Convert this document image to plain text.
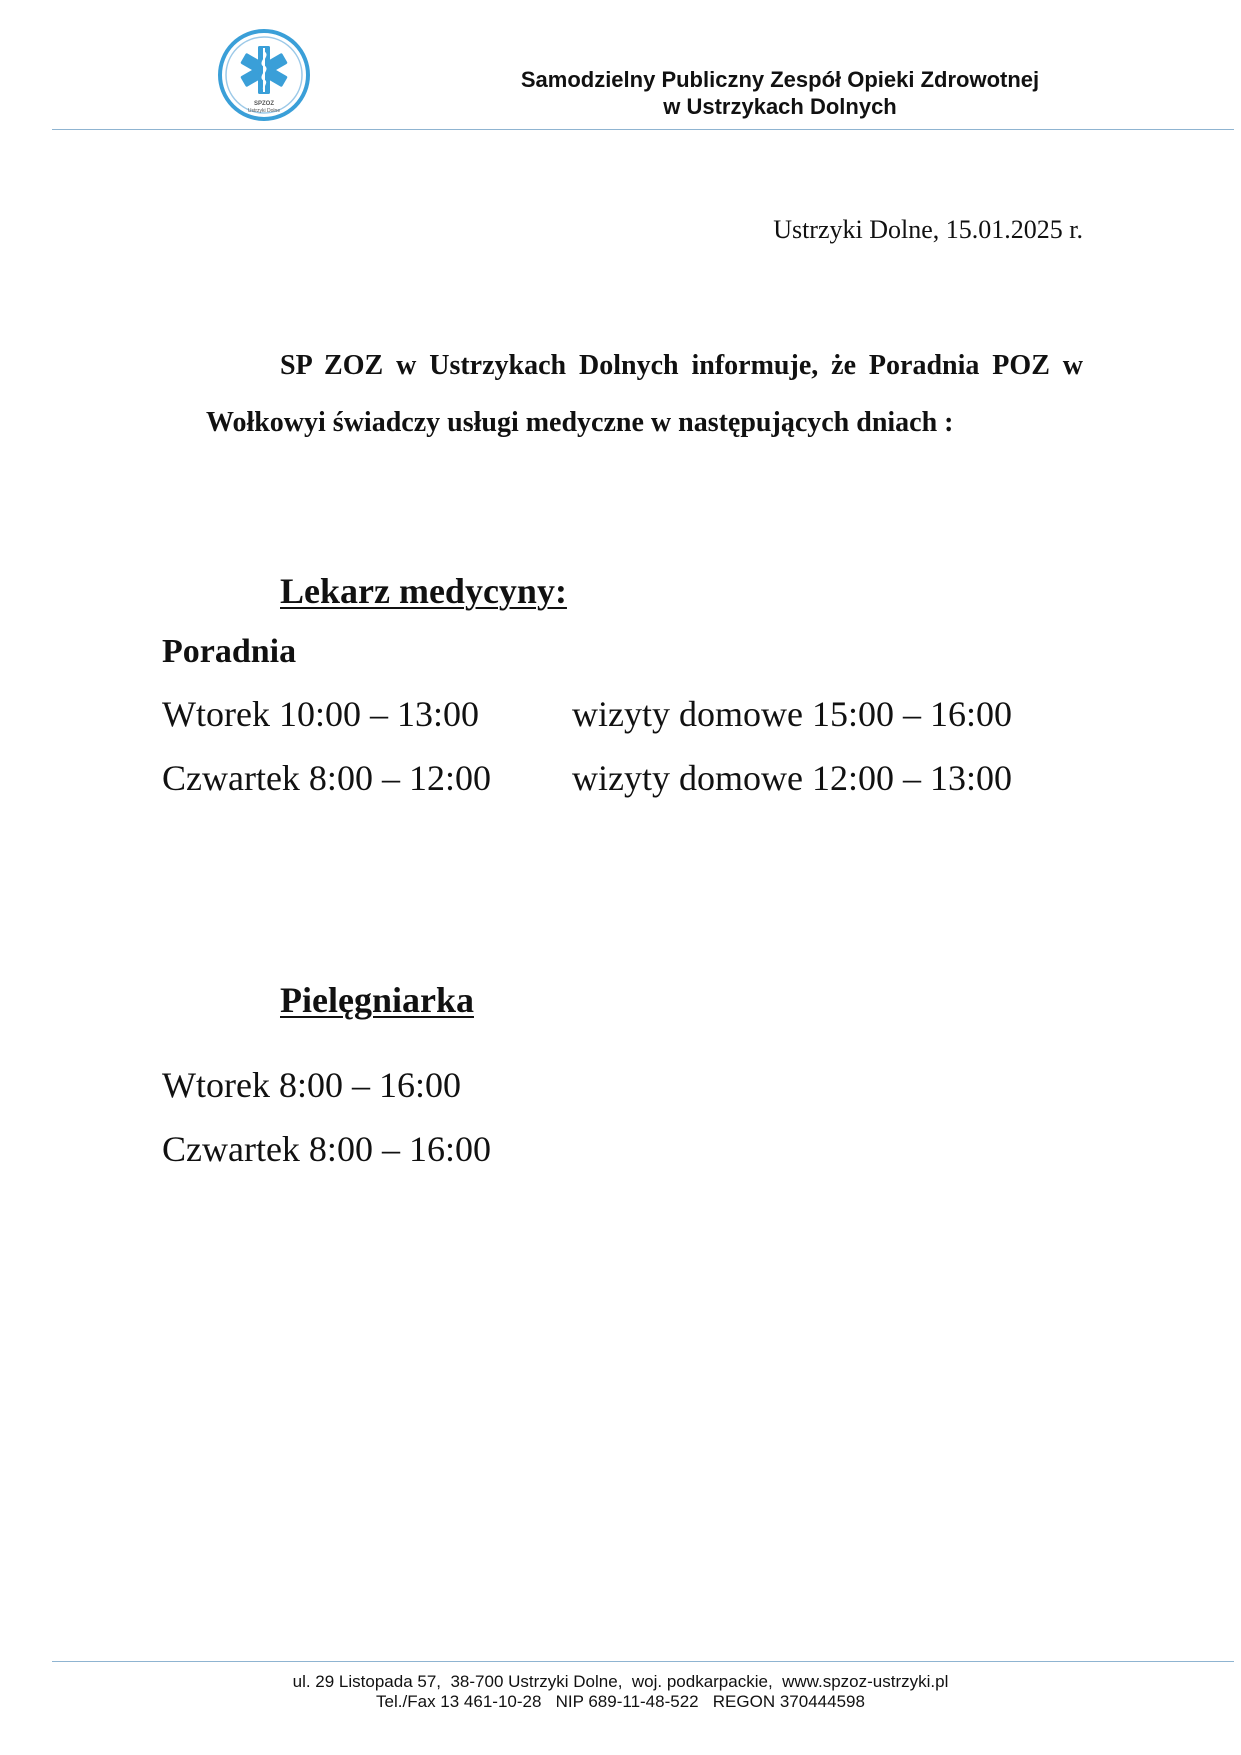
SPZOZ
Ustrzyki Dolne
Samodzielny Publiczny Zespół Opieki Zdrowotnej
w Ustrzykach Dolnych
Ustrzyki Dolne, 15.01.2025 r.

SP ZOZ w Ustrzykach Dolnych informuje, że Poradnia POZ w Wołkowyi świadczy usługi medyczne w następujących dniach :

Lekarz medycyny:
Poradnia
Wtorek 10:00 – 13:00	wizyty domowe 15:00 – 16:00
Czwartek 8:00 – 12:00 wizyty domowe 12:00 – 13:00
Pielęgniarka
Wtorek 8:00 – 16:00
Czwartek 8:00 – 16:00
ul. 29 Listopada 57,  38-700 Ustrzyki Dolne,  woj. podkarpackie,  www.spzoz-ustrzyki.pl
Tel./Fax 13 461-10-28   NIP 689-11-48-522   REGON 370444598
